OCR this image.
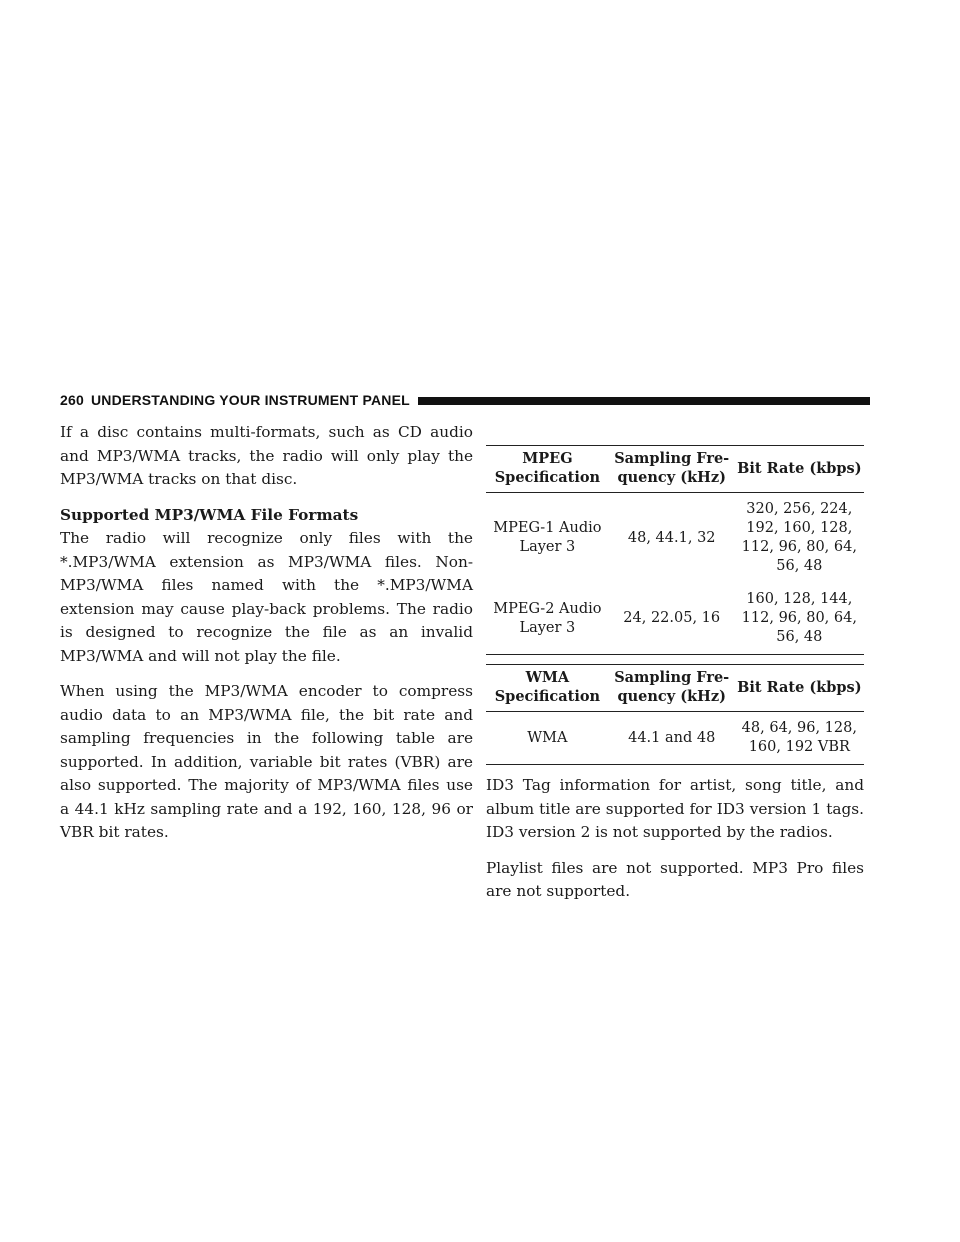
260 UNDERSTANDING YOUR INSTRUMENT PANEL

If a disc contains multi-formats, such as CD audio and MP3/WMA tracks, the radio will only play the MP3/WMA tracks on that disc.

Supported MP3/WMA File Formats

The radio will recognize only files with the *.MP3/WMA extension as MP3/WMA files. Non-MP3/WMA files named with the *.MP3/WMA extension may cause play-back problems. The radio is designed to recognize the file as an invalid MP3/WMA and will not play the file.

When using the MP3/WMA encoder to compress audio data to an MP3/WMA file, the bit rate and sampling frequencies in the following table are supported. In addition, variable bit rates (VBR) are also supported. The majority of MP3/WMA files use a 44.1 kHz sampling rate and a 192, 160, 128, 96 or VBR bit rates.

MPEG Specification	Sampling Fre-quency (kHz)	Bit Rate (kbps)
MPEG-1 Audio Layer 3	48, 44.1, 32	320, 256, 224, 192, 160, 128, 112, 96, 80, 64, 56, 48
MPEG-2 Audio Layer 3	24, 22.05, 16	160, 128, 144, 112, 96, 80, 64, 56, 48
WMA Specification	Sampling Fre-quency (kHz)	Bit Rate (kbps)
WMA	44.1 and 48	48, 64, 96, 128, 160, 192 VBR

ID3 Tag information for artist, song title, and album title are supported for ID3 version 1 tags. ID3 version 2 is not supported by the radios.

Playlist files are not supported. MP3 Pro files are not supported.
